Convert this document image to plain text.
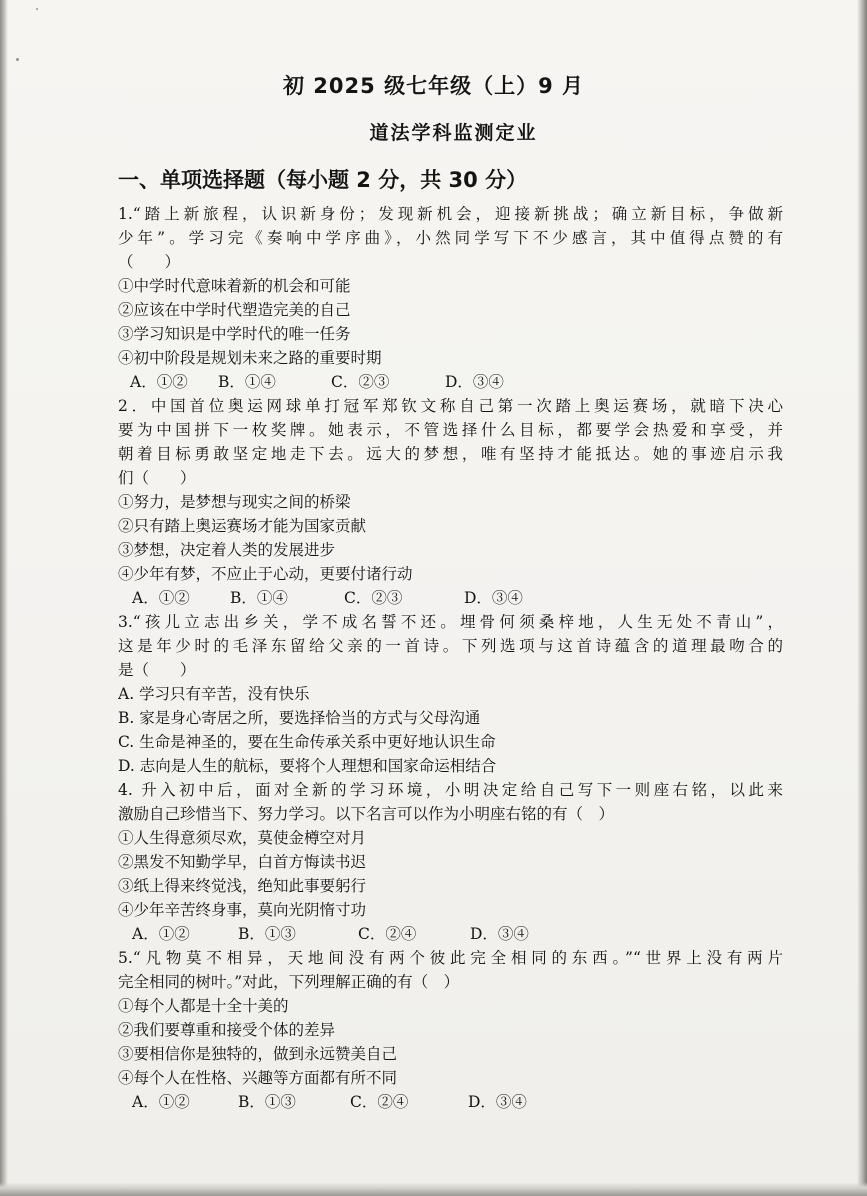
初 2025 级七年级（上）9 月
道法学科监测定业
一、单项选择题（每小题 2 分，共 30 分）
1.“踏上新旅程，认识新身份；发现新机会，迎接新挑战；确立新目标，争做新
少年”。学习完《奏响中学序曲》，小然同学写下不少感言，其中值得点赞的有
（　　）
①中学时代意味着新的机会和可能
②应该在中学时代塑造完美的自己
③学习知识是中学时代的唯一任务
④初中阶段是规划未来之路的重要时期
A．①② B．①④	C．②③	D．③④
2．中国首位奥运网球单打冠军郑钦文称自己第一次踏上奥运赛场，就暗下决心
要为中国拼下一枚奖牌。她表示，不管选择什么目标，都要学会热爱和享受，并
朝着目标勇敢坚定地走下去。远大的梦想，唯有坚持才能抵达。她的事迹启示我
们（　　）
①努力，是梦想与现实之间的桥梁
②只有踏上奥运赛场才能为国家贡献
③梦想，决定着人类的发展进步
④少年有梦，不应止于心动，更要付诸行动
A．①②	B．①④	C．②③	D．③④
3.“孩儿立志出乡关，学不成名誓不还。埋骨何须桑梓地，人生无处不青山”，
这是年少时的毛泽东留给父亲的一首诗。下列选项与这首诗蕴含的道理最吻合的
是（　　）
A. 学习只有辛苦，没有快乐
B. 家是身心寄居之所，要选择恰当的方式与父母沟通
C. 生命是神圣的，要在生命传承关系中更好地认识生命
D. 志向是人生的航标，要将个人理想和国家命运相结合
4. 升入初中后，面对全新的学习环境，小明决定给自己写下一则座右铭，以此来
激励自己珍惜当下、努力学习。以下名言可以作为小明座右铭的有（　）
①人生得意须尽欢，莫使金樽空对月
②黑发不知勤学早，白首方悔读书迟
③纸上得来终觉浅，绝知此事要躬行
④少年辛苦终身事，莫向光阴惰寸功
A．①②	B．①③	C．②④	D．③④
5.“凡物莫不相异，天地间没有两个彼此完全相同的东西。”“世界上没有两片
完全相同的树叶。”对此，下列理解正确的有（　）
①每个人都是十全十美的
②我们要尊重和接受个体的差异
③要相信你是独特的，做到永远赞美自己
④每个人在性格、兴趣等方面都有所不同
A．①②	B．①③	C．②④	D．③④
